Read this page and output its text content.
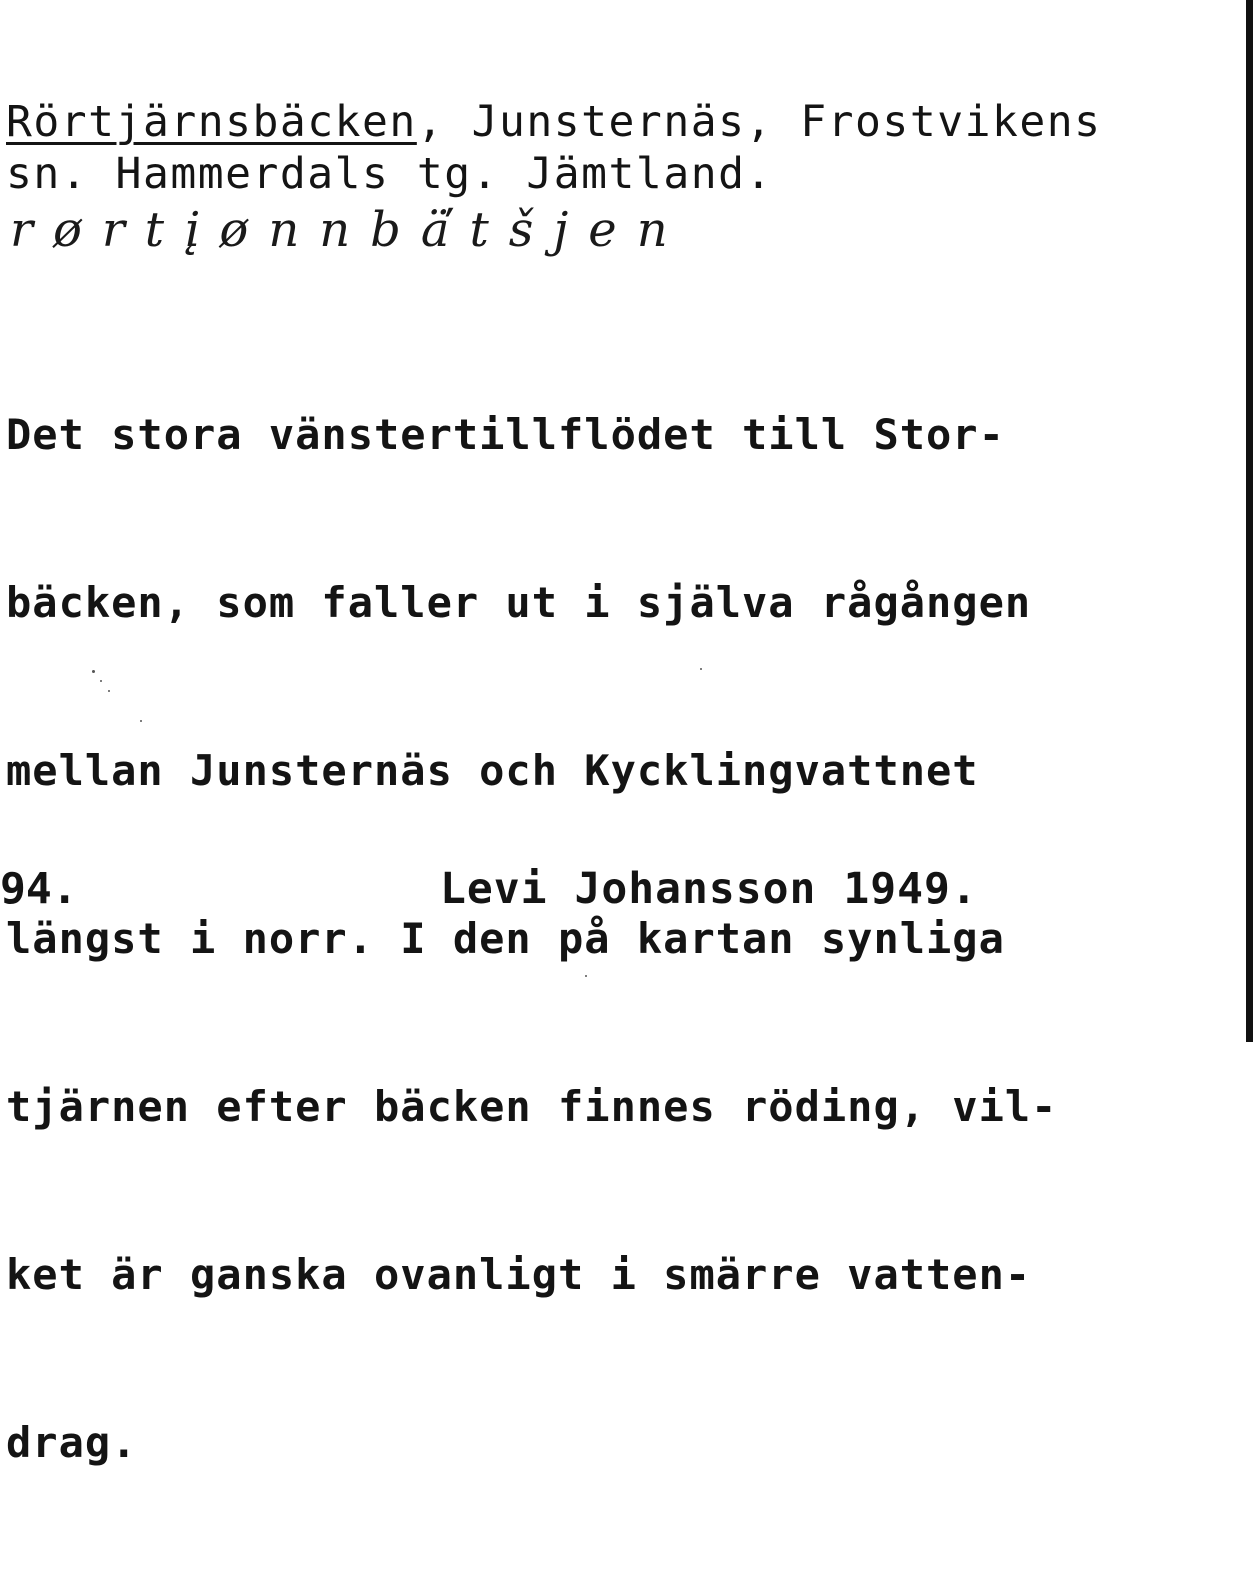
Rörtjärnsbäcken, Junsternäs, Frostvikens
sn. Hammerdals tg. Jämtland.
rørtįønnbä̕tšjen

Det stora vänstertillflödet till Stor-

bäcken, som faller ut i själva rågången

mellan Junsternäs och Kycklingvattnet

längst i norr. I den på kartan synliga

tjärnen efter bäcken finnes röding, vil-

ket är ganska ovanligt i smärre vatten-

drag.

94.	Levi Johansson 1949.
